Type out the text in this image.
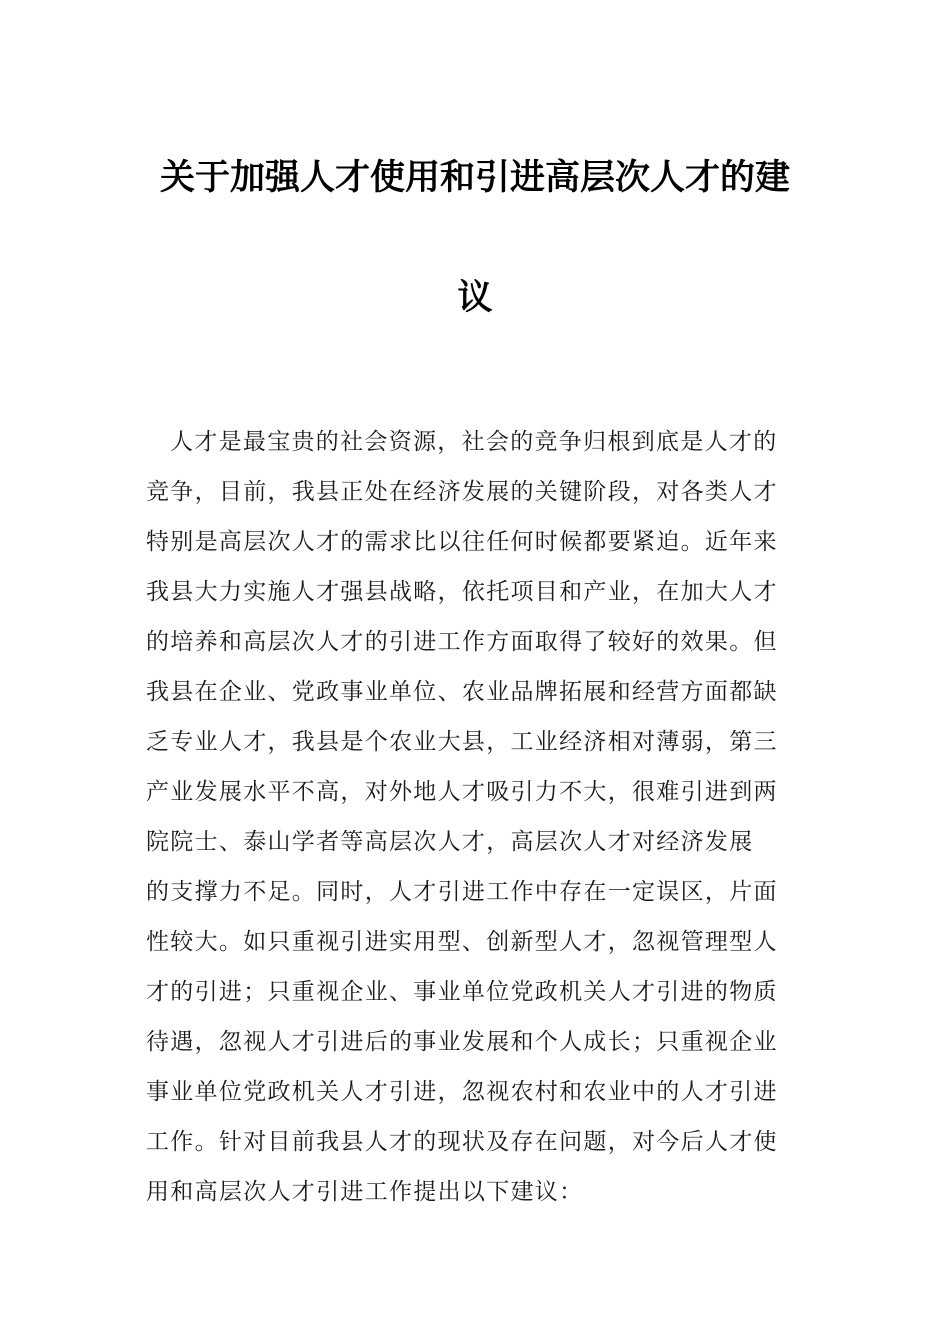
关于加强人才使用和引进高层次人才的建
议

人才是最宝贵的社会资源，社会的竞争归根到底是人才的
竞争，目前，我县正处在经济发展的关键阶段，对各类人才
特别是高层次人才的需求比以往任何时候都要紧迫。近年来
我县大力实施人才强县战略，依托项目和产业，在加大人才
的培养和高层次人才的引进工作方面取得了较好的效果。但
我县在企业、党政事业单位、农业品牌拓展和经营方面都缺
乏专业人才，我县是个农业大县，工业经济相对薄弱，第三
产业发展水平不高，对外地人才吸引力不大，很难引进到两
院院士、泰山学者等高层次人才，高层次人才对经济发展
的支撑力不足。同时，人才引进工作中存在一定误区，片面
性较大。如只重视引进实用型、创新型人才，忽视管理型人
才的引进；只重视企业、事业单位党政机关人才引进的物质
待遇，忽视人才引进后的事业发展和个人成长；只重视企业
事业单位党政机关人才引进，忽视农村和农业中的人才引进
工作。针对目前我县人才的现状及存在问题，对今后人才使
用和高层次人才引进工作提出以下建议：
